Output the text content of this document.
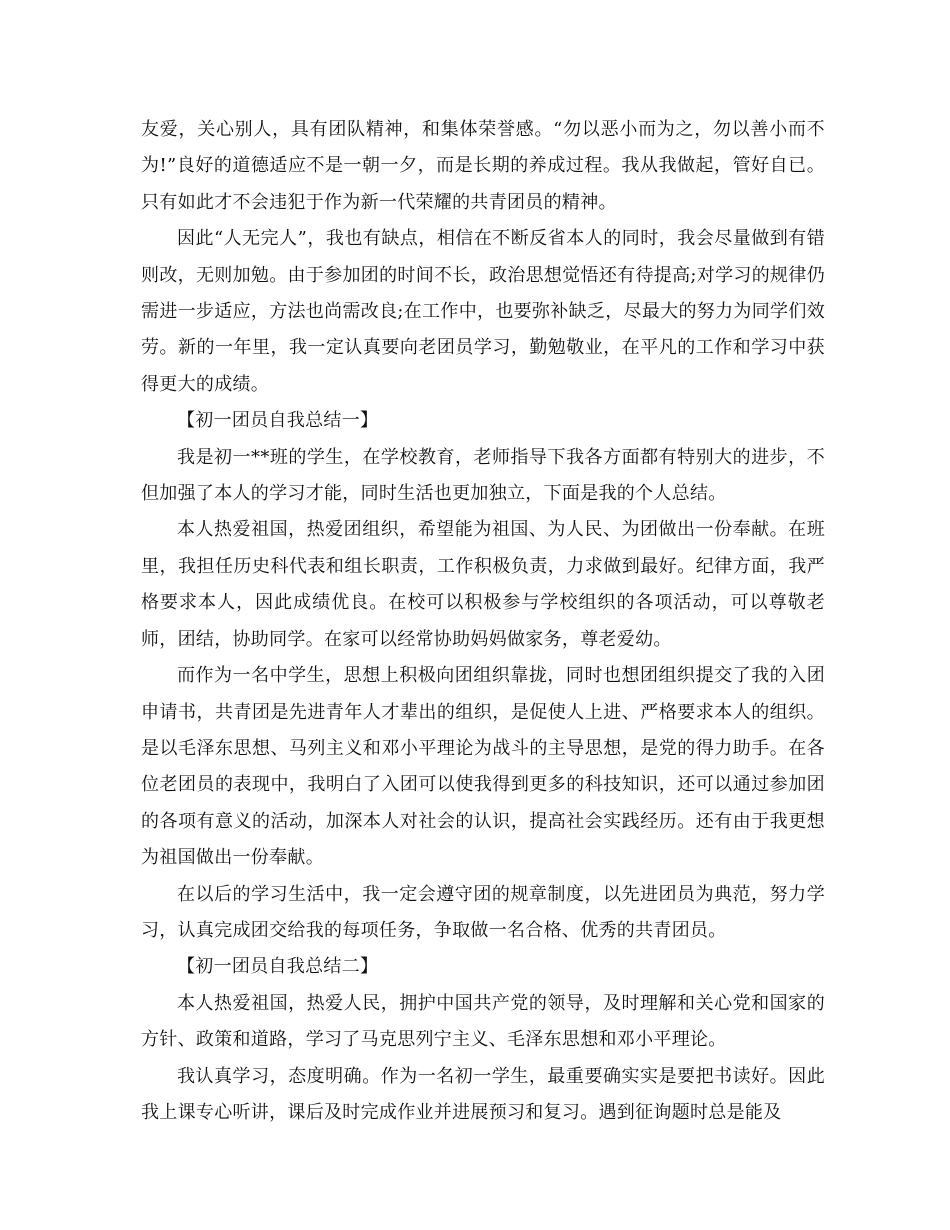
友爱，关心别人，具有团队精神，和集体荣誉感。“勿以恶小而为之，勿以善小而不为!”良好的道德适应不是一朝一夕，而是长期的养成过程。我从我做起，管好自已。只有如此才不会违犯于作为新一代荣耀的共青团员的精神。

因此“人无完人”，我也有缺点，相信在不断反省本人的同时，我会尽量做到有错则改，无则加勉。由于参加团的时间不长，政治思想觉悟还有待提高;对学习的规律仍需进一步适应，方法也尚需改良;在工作中，也要弥补缺乏，尽最大的努力为同学们效劳。新的一年里，我一定认真要向老团员学习，勤勉敬业，在平凡的工作和学习中获得更大的成绩。

【初一团员自我总结一】

我是初一**班的学生，在学校教育，老师指导下我各方面都有特别大的进步，不但加强了本人的学习才能，同时生活也更加独立，下面是我的个人总结。

本人热爱祖国，热爱团组织，希望能为祖国、为人民、为团做出一份奉献。在班里，我担任历史科代表和组长职责，工作积极负责，力求做到最好。纪律方面，我严格要求本人，因此成绩优良。在校可以积极参与学校组织的各项活动，可以尊敬老师，团结，协助同学。在家可以经常协助妈妈做家务，尊老爱幼。

而作为一名中学生，思想上积极向团组织靠拢，同时也想团组织提交了我的入团申请书，共青团是先进青年人才辈出的组织，是促使人上进、严格要求本人的组织。是以毛泽东思想、马列主义和邓小平理论为战斗的主导思想，是党的得力助手。在各位老团员的表现中，我明白了入团可以使我得到更多的科技知识，还可以通过参加团的各项有意义的活动，加深本人对社会的认识，提高社会实践经历。还有由于我更想为祖国做出一份奉献。

在以后的学习生活中，我一定会遵守团的规章制度，以先进团员为典范，努力学习，认真完成团交给我的每项任务，争取做一名合格、优秀的共青团员。

【初一团员自我总结二】

本人热爱祖国，热爱人民，拥护中国共产党的领导，及时理解和关心党和国家的方针、政策和道路，学习了马克思列宁主义、毛泽东思想和邓小平理论。

我认真学习，态度明确。作为一名初一学生，最重要确实实是要把书读好。因此我上课专心听讲，课后及时完成作业并进展预习和复习。遇到征询题时总是能及
